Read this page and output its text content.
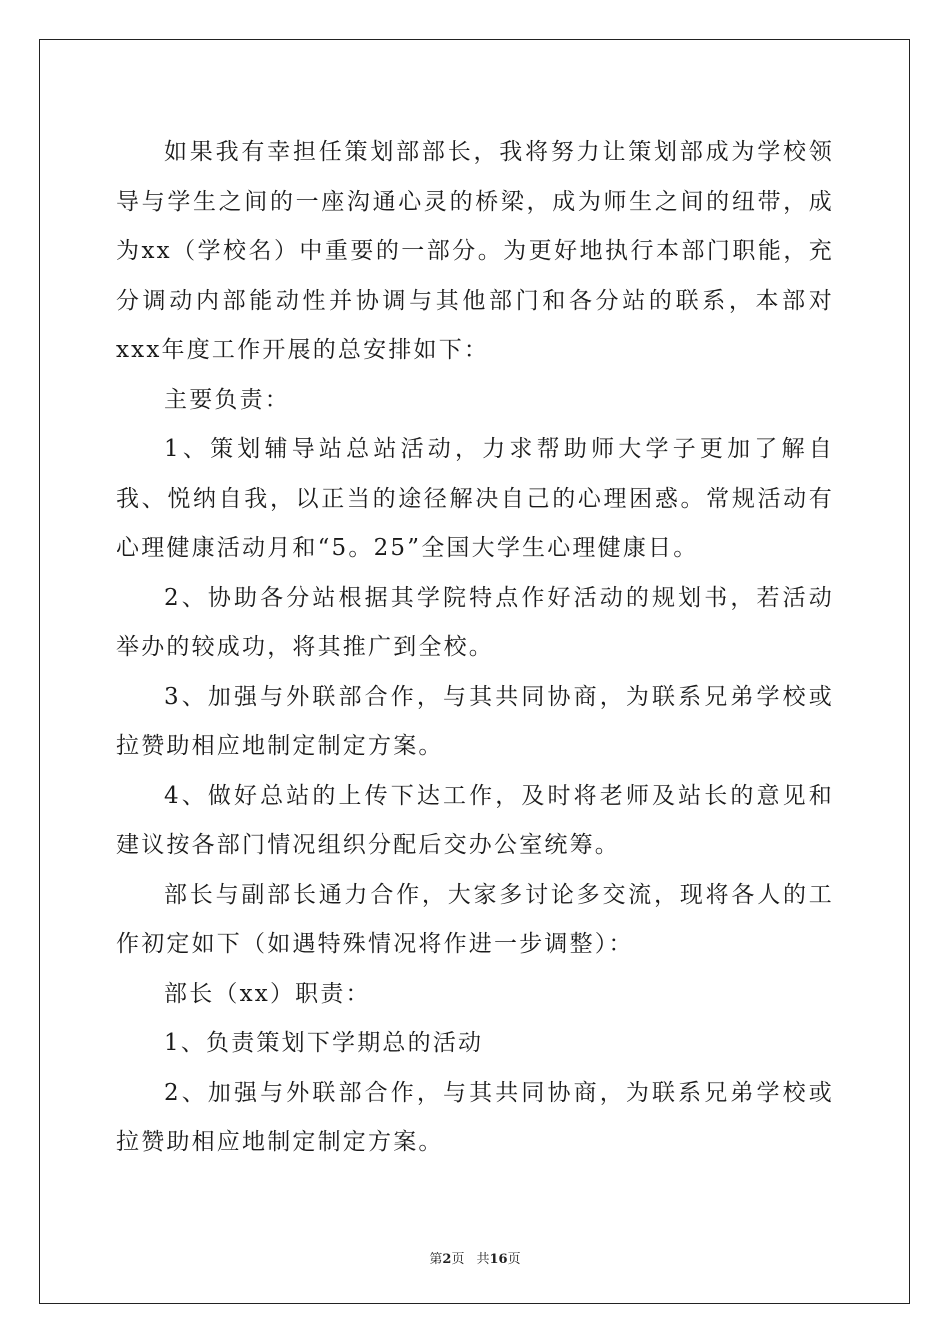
如果我有幸担任策划部部长，我将努力让策划部成为学校领导与学生之间的一座沟通心灵的桥梁，成为师生之间的纽带，成为xx（学校名）中重要的一部分。为更好地执行本部门职能，充分调动内部能动性并协调与其他部门和各分站的联系，本部对xxx年度工作开展的总安排如下：

主要负责：

1、策划辅导站总站活动，力求帮助师大学子更加了解自我、悦纳自我，以正当的途径解决自己的心理困惑。常规活动有心理健康活动月和“5。25”全国大学生心理健康日。

2、协助各分站根据其学院特点作好活动的规划书，若活动举办的较成功，将其推广到全校。

3、加强与外联部合作，与其共同协商，为联系兄弟学校或拉赞助相应地制定制定方案。

4、做好总站的上传下达工作，及时将老师及站长的意见和建议按各部门情况组织分配后交办公室统筹。

部长与副部长通力合作，大家多讨论多交流，现将各人的工作初定如下（如遇特殊情况将作进一步调整）：

部长（xx）职责：

1、负责策划下学期总的活动

2、加强与外联部合作，与其共同协商，为联系兄弟学校或拉赞助相应地制定制定方案。

第2页 共16页
